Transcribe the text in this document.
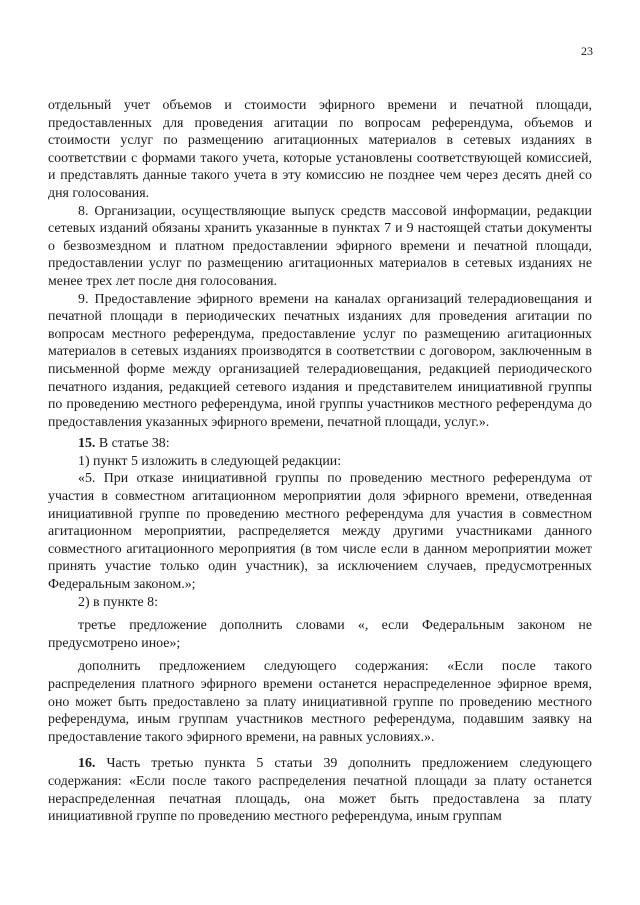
23

отдельный учет объемов и стоимости эфирного времени и печатной площади, предоставленных для проведения агитации по вопросам референдума, объемов и стоимости услуг по размещению агитационных материалов в сетевых изданиях в соответствии с формами такого учета, которые установлены соответствующей комиссией, и представлять данные такого учета в эту комиссию не позднее чем через десять дней со дня голосования.

8. Организации, осуществляющие выпуск средств массовой информации, редакции сетевых изданий обязаны хранить указанные в пунктах 7 и 9 настоящей статьи документы о безвозмездном и платном предоставлении эфирного времени и печатной площади, предоставлении услуг по размещению агитационных материалов в сетевых изданиях не менее трех лет после дня голосования.

9. Предоставление эфирного времени на каналах организаций телерадиовещания и печатной площади в периодических печатных изданиях для проведения агитации по вопросам местного референдума, предоставление услуг по размещению агитационных материалов в сетевых изданиях производятся в соответствии с договором, заключенным в письменной форме между организацией телерадиовещания, редакцией периодического печатного издания, редакцией сетевого издания и представителем инициативной группы по проведению местного референдума, иной группы участников местного референдума до предоставления указанных эфирного времени, печатной площади, услуг.».

15. В статье 38:

1) пункт 5 изложить в следующей редакции:

«5. При отказе инициативной группы по проведению местного референдума от участия в совместном агитационном мероприятии доля эфирного времени, отведенная инициативной группе по проведению местного референдума для участия в совместном агитационном мероприятии, распределяется между другими участниками данного совместного агитационного мероприятия (в том числе если в данном мероприятии может принять участие только один участник), за исключением случаев, предусмотренных Федеральным законом.»;

2) в пункте 8:

третье предложение дополнить словами «, если Федеральным законом не предусмотрено иное»;

дополнить предложением следующего содержания: «Если после такого распределения платного эфирного времени останется нераспределенное эфирное время, оно может быть предоставлено за плату инициативной группе по проведению местного референдума, иным группам участников местного референдума, подавшим заявку на предоставление такого эфирного времени, на равных условиях.».

16. Часть третью пункта 5 статьи 39 дополнить предложением следующего содержания: «Если после такого распределения печатной площади за плату останется нераспределенная печатная площадь, она может быть предоставлена за плату инициативной группе по проведению местного референдума, иным группам
